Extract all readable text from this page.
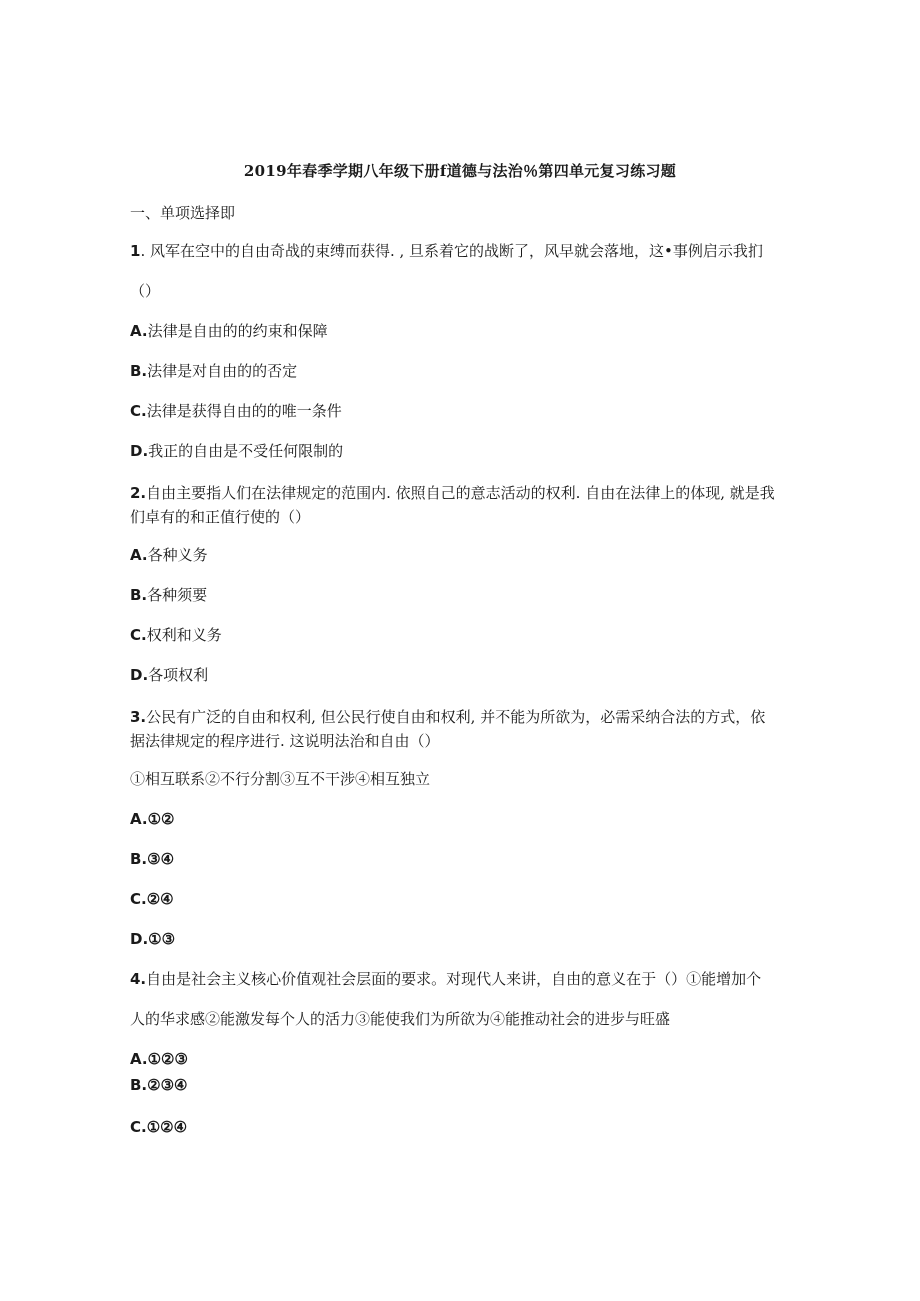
2019年春季学期八年级下册f道德与法治％第四单元复习练习题
一、单项选择即
1. 风军在空中的自由奇战的束缚而获得. , 旦系着它的战断了，风早就会落地，这•事例启示我扪
（）
A.法律是自由的的约束和保障
B.法律是对自由的的否定
C.法律是获得自由的的唯一条件
D.我正的自由是不受任何限制的
2.自由主要指人们在法律规定的范围内. 依照自己的意志活动的权利. 自由在法律上的体现, 就是我
们卓有的和正值行使的（）
A.各种义务
B.各种须要
C.权利和义务
D.各项权利
3.公民有广泛的自由和权利, 但公民行使自由和权利, 并不能为所欲为，必需采纳合法的方式，依
据法律规定的程序进行. 这说明法治和自由（）
①相互联系②不行分割③互不干涉④相互独立
A.①②
B.③④
C.②④
D.①③
4.自由是社会主义核心价值观社会层面的要求。对现代人来讲，自由的意义在于（）①能增加个
人的华求感②能激发每个人的活力③能使我们为所欲为④能推动社会的进步与旺盛
A.①②③
B.②③④
C.①②④
